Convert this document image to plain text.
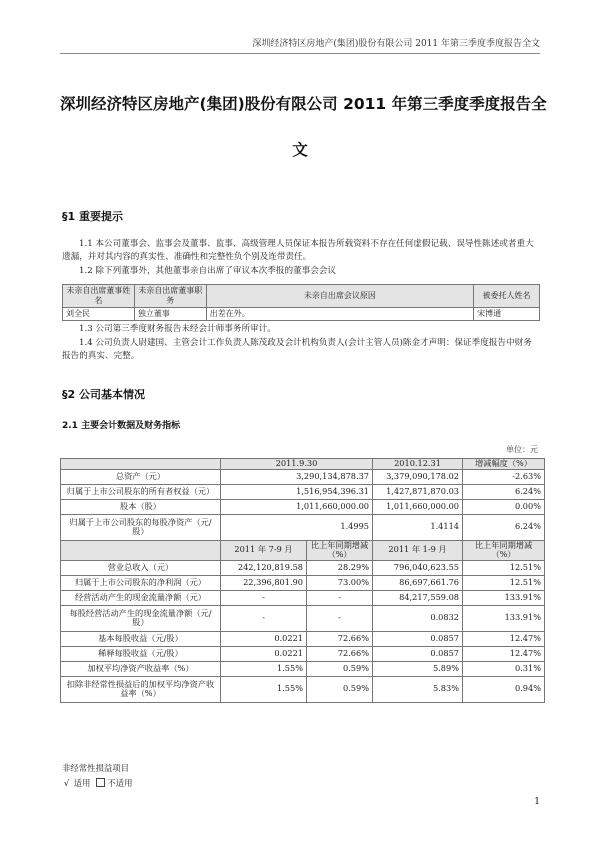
深圳经济特区房地产(集团)股份有限公司 2011 年第三季度季度报告全文
深圳经济特区房地产(集团)股份有限公司 2011 年第三季度季度报告全
文
§1 重要提示
1.1 本公司董事会、监事会及董事、监事、高级管理人员保证本报告所载资料不存在任何虚假记载、误导性陈述或者重大遗漏，并对其内容的真实性、准确性和完整性负个别及连带责任。
1.2 除下列董事外，其他董事亲自出席了审议本次季报的董事会会议
未亲自出席董事姓名	未亲自出席董事职务	未亲自出席会议原因	被委托人姓名
刘全民	独立董事	出差在外。	宋博通
1.3 公司第三季度财务报告未经会计师事务所审计。
1.4 公司负责人尉建国、主管会计工作负责人陈茂政及会计机构负责人(会计主管人员)陈金才声明：保证季度报告中财务报告的真实、完整。
§2 公司基本情况
2.1 主要会计数据及财务指标
单位：元
	2011.9.30		2010.12.31	增减幅度（%）
总资产（元）	3,290,134,878.37		3,379,090,178.02	-2.63%
归属于上市公司股东的所有者权益（元）	1,516,954,396.31		1,427,871,870.03	6.24%
股本（股）	1,011,660,000.00		1,011,660,000.00	0.00%
归属于上市公司股东的每股净资产（元/股）	1.4995		1.4114	6.24%
	2011 年 7-9 月	比上年同期增减（%）	2011 年 1-9 月	比上年同期增减（%）
营业总收入（元）	242,120,819.58	28.29%	796,040,623.55	12.51%
归属于上市公司股东的净利润（元）	22,396,801.90	73.00%	86,697,661.76	12.51%
经营活动产生的现金流量净额（元）	-	-	84,217,559.08	133.91%
每股经营活动产生的现金流量净额（元/股）	-	-	0.0832	133.91%
基本每股收益（元/股）	0.0221	72.66%	0.0857	12.47%
稀释每股收益（元/股）	0.0221	72.66%	0.0857	12.47%
加权平均净资产收益率（%）	1.55%	0.59%	5.89%	0.31%
扣除非经常性损益后的加权平均净资产收益率（%）	1.55%	0.59%	5.83%	0.94%
非经常性损益项目
√ 适用 不适用
1
